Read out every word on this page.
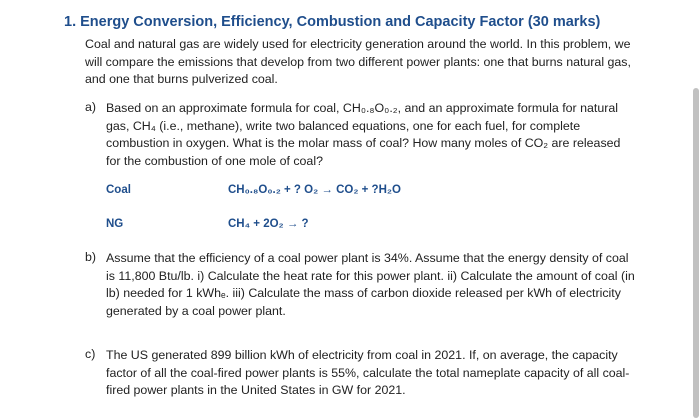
1. Energy Conversion, Efficiency, Combustion and Capacity Factor (30 marks)

Coal and natural gas are widely used for electricity generation around the world. In this problem, we will compare the emissions that develop from two different power plants: one that burns natural gas, and one that burns pulverized coal.

a) Based on an approximate formula for coal, CH₀.₈O₀.₂, and an approximate formula for natural gas, CH₄ (i.e., methane), write two balanced equations, one for each fuel, for complete combustion in oxygen. What is the molar mass of coal? How many moles of CO₂ are released for the combustion of one mole of coal?

Coal	CH₀.₈O₀.₂ + ? O₂ → CO₂ + ?H₂O
NG	CH₄ + 2O₂ → ?
b) Assume that the efficiency of a coal power plant is 34%. Assume that the energy density of coal is 11,800 Btu/lb. i) Calculate the heat rate for this power plant. ii) Calculate the amount of coal (in lb) needed for 1 kWhₑ. iii) Calculate the mass of carbon dioxide released per kWh of electricity generated by a coal power plant.

c) The US generated 899 billion kWh of electricity from coal in 2021. If, on average, the capacity factor of all the coal-fired power plants is 55%, calculate the total nameplate capacity of all coal-fired power plants in the United States in GW for 2021.
